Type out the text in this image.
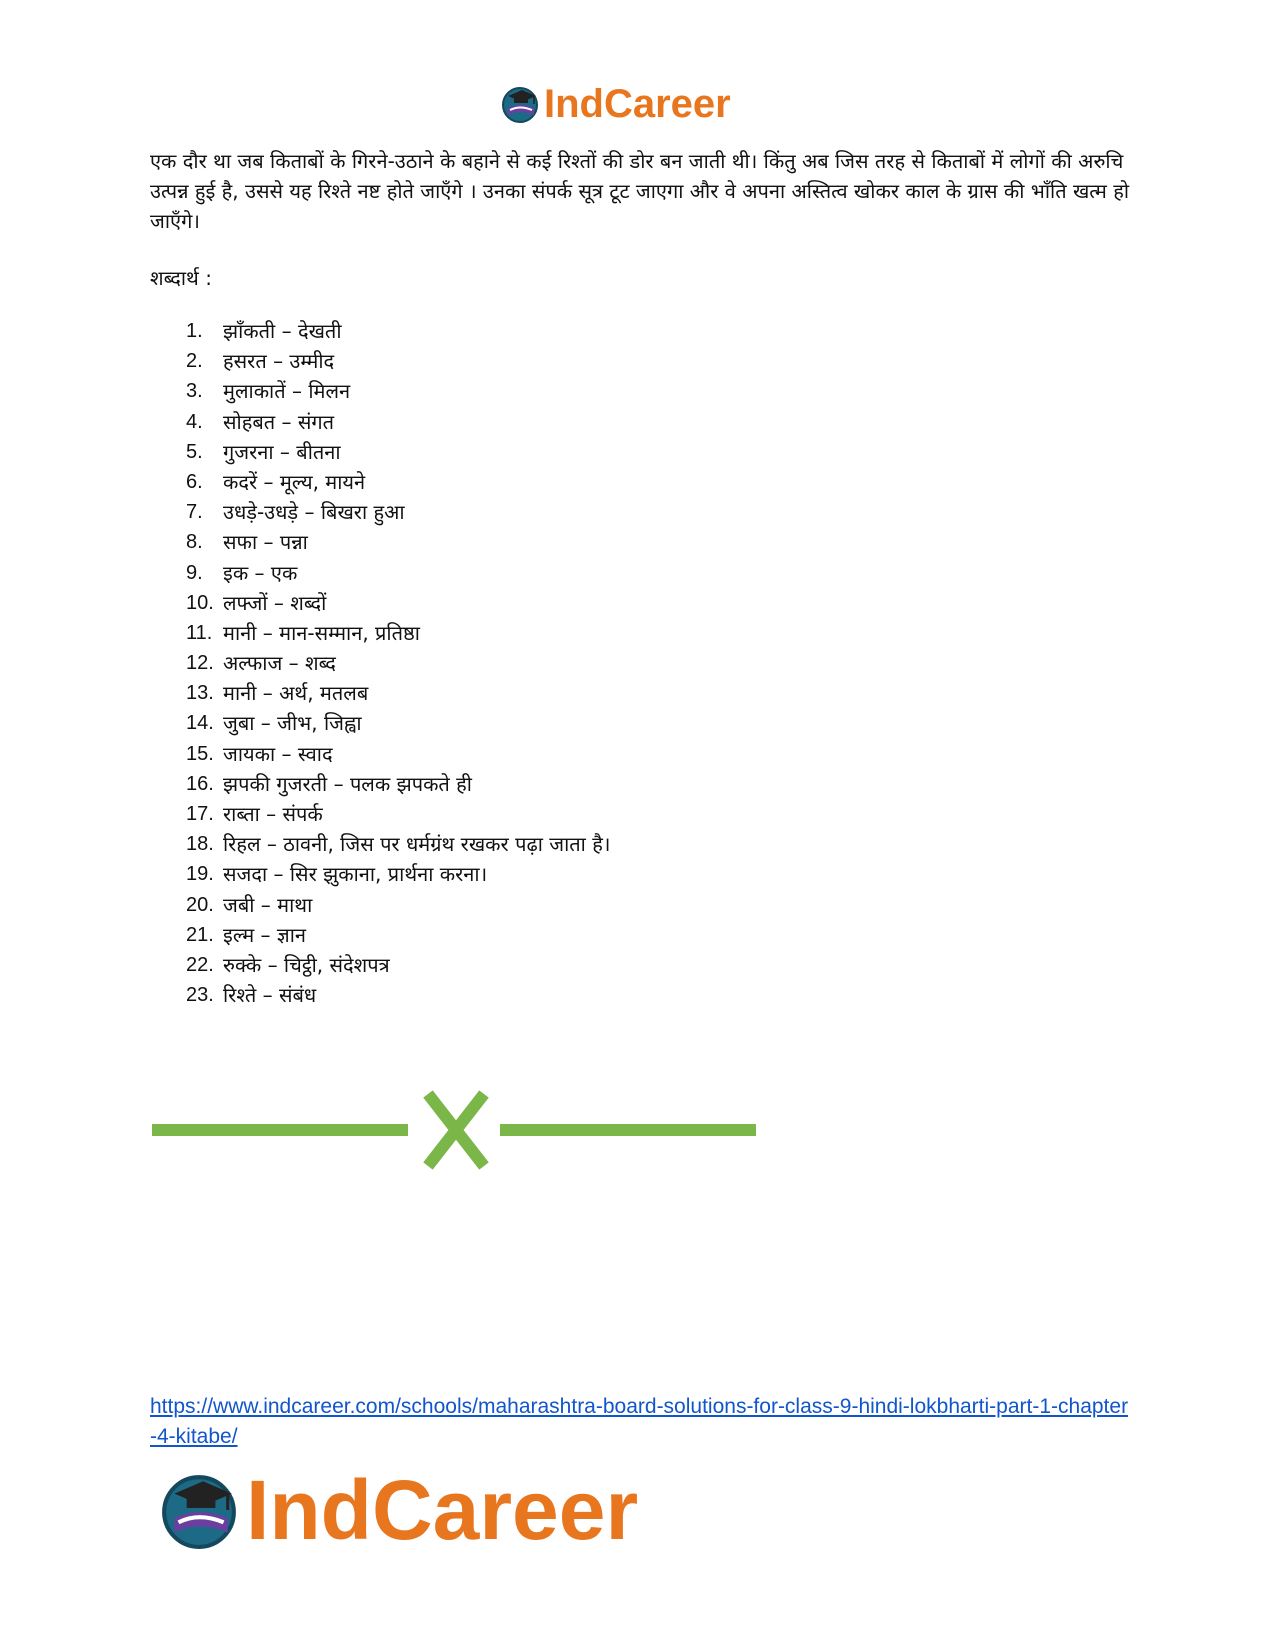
IndCareer

एक दौर था जब किताबों के गिरने-उठाने के बहाने से कई रिश्तों की डोर बन जाती थी। किंतु अब जिस तरह से किताबों में लोगों की अरुचि उत्पन्न हुई है, उससे यह रिश्ते नष्ट होते जाएँगे । उनका संपर्क सूत्र टूट जाएगा और वे अपना अस्तित्व खोकर काल के ग्रास की भाँति खत्म हो जाएँगे।

शब्दार्थ :

1.	झाँकती – देखती
2.	हसरत – उम्मीद
3.	मुलाकातें – मिलन
4.	सोहबत – संगत
5.	गुजरना – बीतना
6.	कदरें – मूल्य, मायने
7.	उधड़े-उधड़े – बिखरा हुआ
8.	सफा – पन्ना
9.	इक – एक
10. लफ्जों – शब्दों
11. मानी – मान-सम्मान, प्रतिष्ठा
12. अल्फाज – शब्द
13. मानी – अर्थ, मतलब
14. जुबा – जीभ, जिह्वा
15. जायका – स्वाद
16. झपकी गुजरती – पलक झपकते ही
17. राब्ता – संपर्क
18. रिहल – ठावनी, जिस पर धर्मग्रंथ रखकर पढ़ा जाता है।
19. सजदा – सिर झुकाना, प्रार्थना करना।
20. जबी – माथा
21. इल्म – ज्ञान
22. रुक्के – चिट्ठी, संदेशपत्र
23. रिश्ते – संबंध
https://www.indcareer.com/schools/maharashtra-board-solutions-for-class-9-hindi-lokbharti-part-1-chapter-4-kitabe/
IndCareer
